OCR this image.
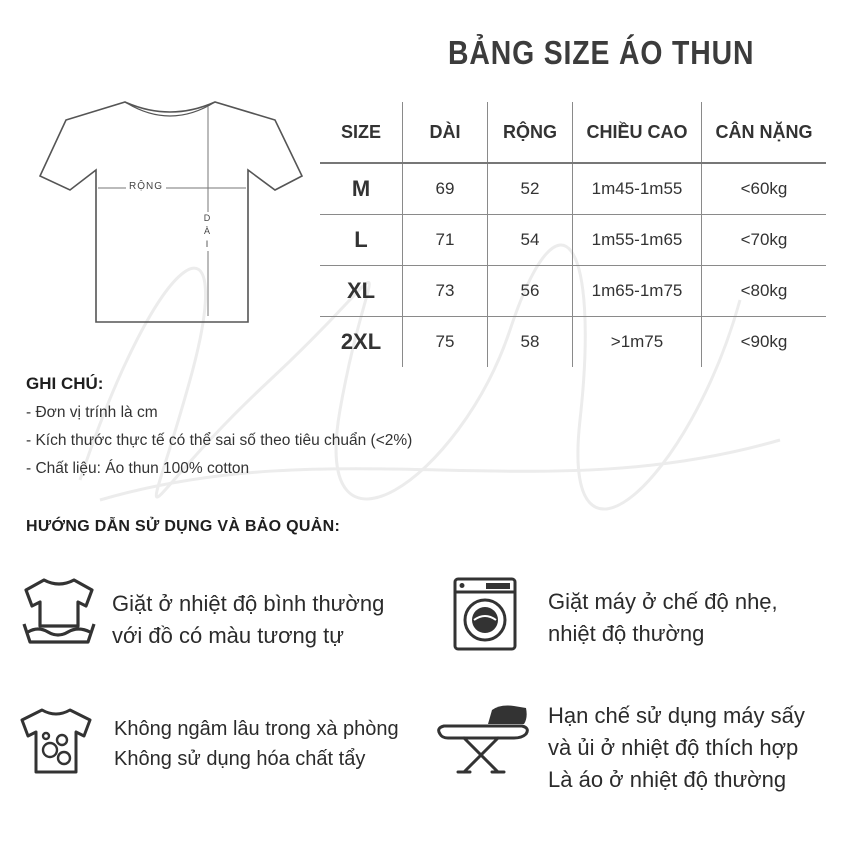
BẢNG SIZE ÁO THUN
RỘNG
D
À
I
SIZE	DÀI	RỘNG	CHIỀU CAO	CÂN NẶNG
M	69	52	1m45-1m55	<60kg
L	71	54	1m55-1m65	<70kg
XL	73	56	1m65-1m75	<80kg
2XL	75	58	>1m75	<90kg
GHI CHÚ:
- Đơn vị trính là cm
- Kích thước thực tế có thể sai số theo tiêu chuẩn (<2%)
- Chất liệu: Áo thun 100% cotton
HƯỚNG DẪN SỬ DỤNG VÀ BẢO QUẢN:
Giặt ở nhiệt độ bình thường
với đồ có màu tương tự
Giặt máy ở chế độ nhẹ,
nhiệt độ thường
Không ngâm lâu trong xà phòng
Không sử dụng hóa chất tẩy
Hạn chế sử dụng máy sấy
và ủi ở nhiệt độ thích hợp
Là áo ở nhiệt độ thường
